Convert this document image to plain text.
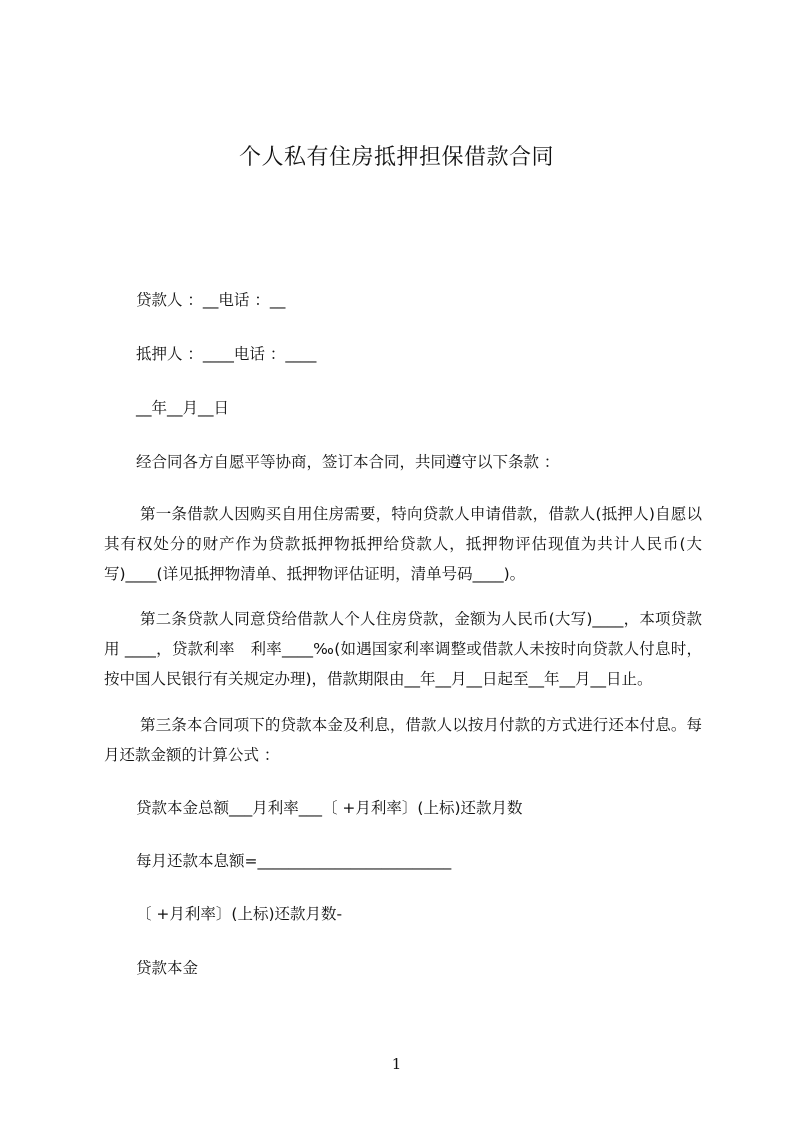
个人私有住房抵押担保借款合同
贷款人 ：__电话 ：__
抵押人 ：____电话 ：____
__年__月__日
经合同各方自愿平等协商，签订本合同，共同遵守以下条款 ：
第一条借款人因购买自用住房需要，特向贷款人申请借款，借款人(抵押人)自愿以其有权处分的财产作为贷款抵押物抵押给贷款人，抵押物评估现值为共计人民币(大写)____(详见抵押物清单、抵押物评估证明，清单号码____)。
第二条贷款人同意贷给借款人个人住房贷款，金额为人民币(大写)____，本项贷款用 ____，贷款利率　利率____‰(如遇国家利率调整或借款人未按时向贷款人付息时，按中国人民银行有关规定办理)，借款期限由__年__月__日起至__年__月__日止。
第三条本合同项下的贷款本金及利息，借款人以按月付款的方式进行还本付息。每月还款金额的计算公式 ：
贷款本金总额___月利率___〔 +月利率〕(上标)还款月数
每月还款本息额=_________________________
〔 +月利率〕(上标)还款月数-
贷款本金
1
